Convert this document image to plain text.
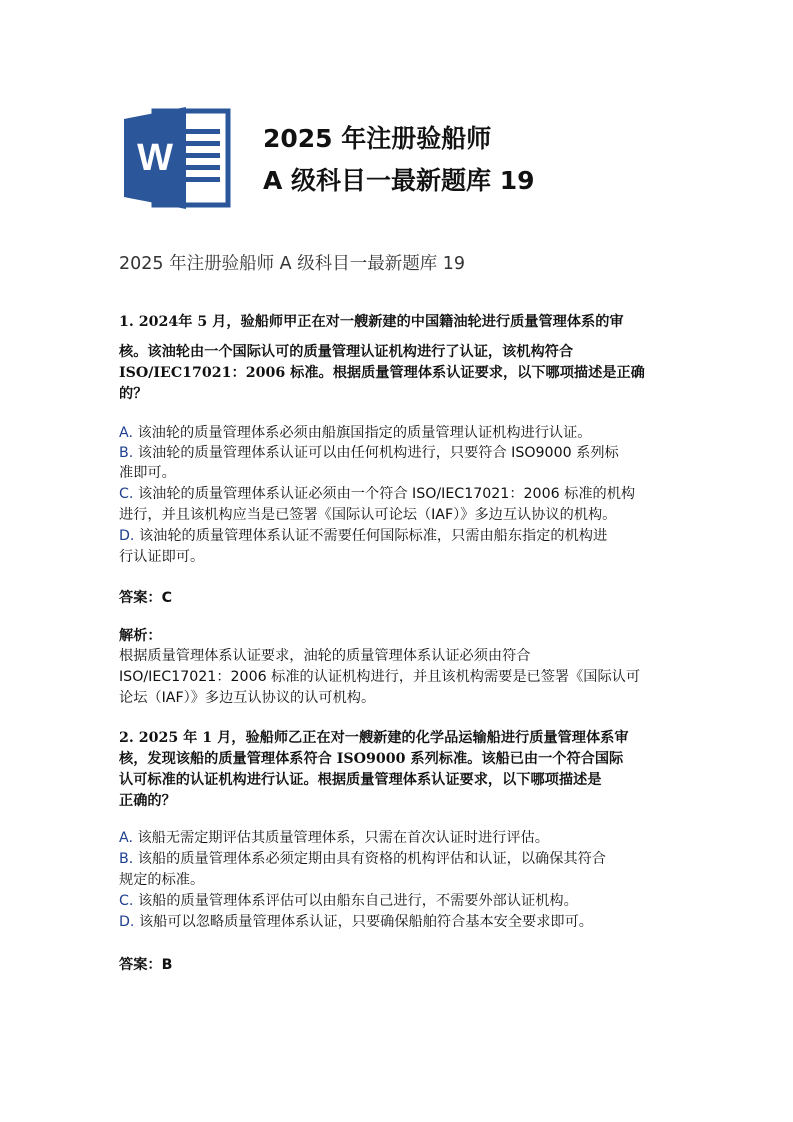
W	2025 年注册验船师
A 级科目一最新题库 19
2025 年注册验船师 A 级科目一最新题库 19
1. 2024年 5 月，验船师甲正在对一艘新建的中国籍油轮进行质量管理体系的审
核。该油轮由一个国际认可的质量管理认证机构进行了认证，该机构符合
ISO/IEC17021：2006 标准。根据质量管理体系认证要求，以下哪项描述是正确
的？
A. 该油轮的质量管理体系必须由船旗国指定的质量管理认证机构进行认证。
B. 该油轮的质量管理体系认证可以由任何机构进行，只要符合 ISO9000 系列标
准即可。
C. 该油轮的质量管理体系认证必须由一个符合 ISO/IEC17021：2006 标准的机构
进行，并且该机构应当是已签署《国际认可论坛（IAF）》多边互认协议的机构。
D. 该油轮的质量管理体系认证不需要任何国际标准，只需由船东指定的机构进
行认证即可。
答案：C
解析：
根据质量管理体系认证要求，油轮的质量管理体系认证必须由符合
ISO/IEC17021：2006 标准的认证机构进行，并且该机构需要是已签署《国际认可
论坛（IAF）》多边互认协议的认可机构。
2. 2025 年 1 月，验船师乙正在对一艘新建的化学品运输船进行质量管理体系审
核，发现该船的质量管理体系符合 ISO9000 系列标准。该船已由一个符合国际
认可标准的认证机构进行认证。根据质量管理体系认证要求，以下哪项描述是
正确的？
A. 该船无需定期评估其质量管理体系，只需在首次认证时进行评估。
B. 该船的质量管理体系必须定期由具有资格的机构评估和认证，以确保其符合
规定的标准。
C. 该船的质量管理体系评估可以由船东自己进行，不需要外部认证机构。
D. 该船可以忽略质量管理体系认证，只要确保船舶符合基本安全要求即可。
答案：B
